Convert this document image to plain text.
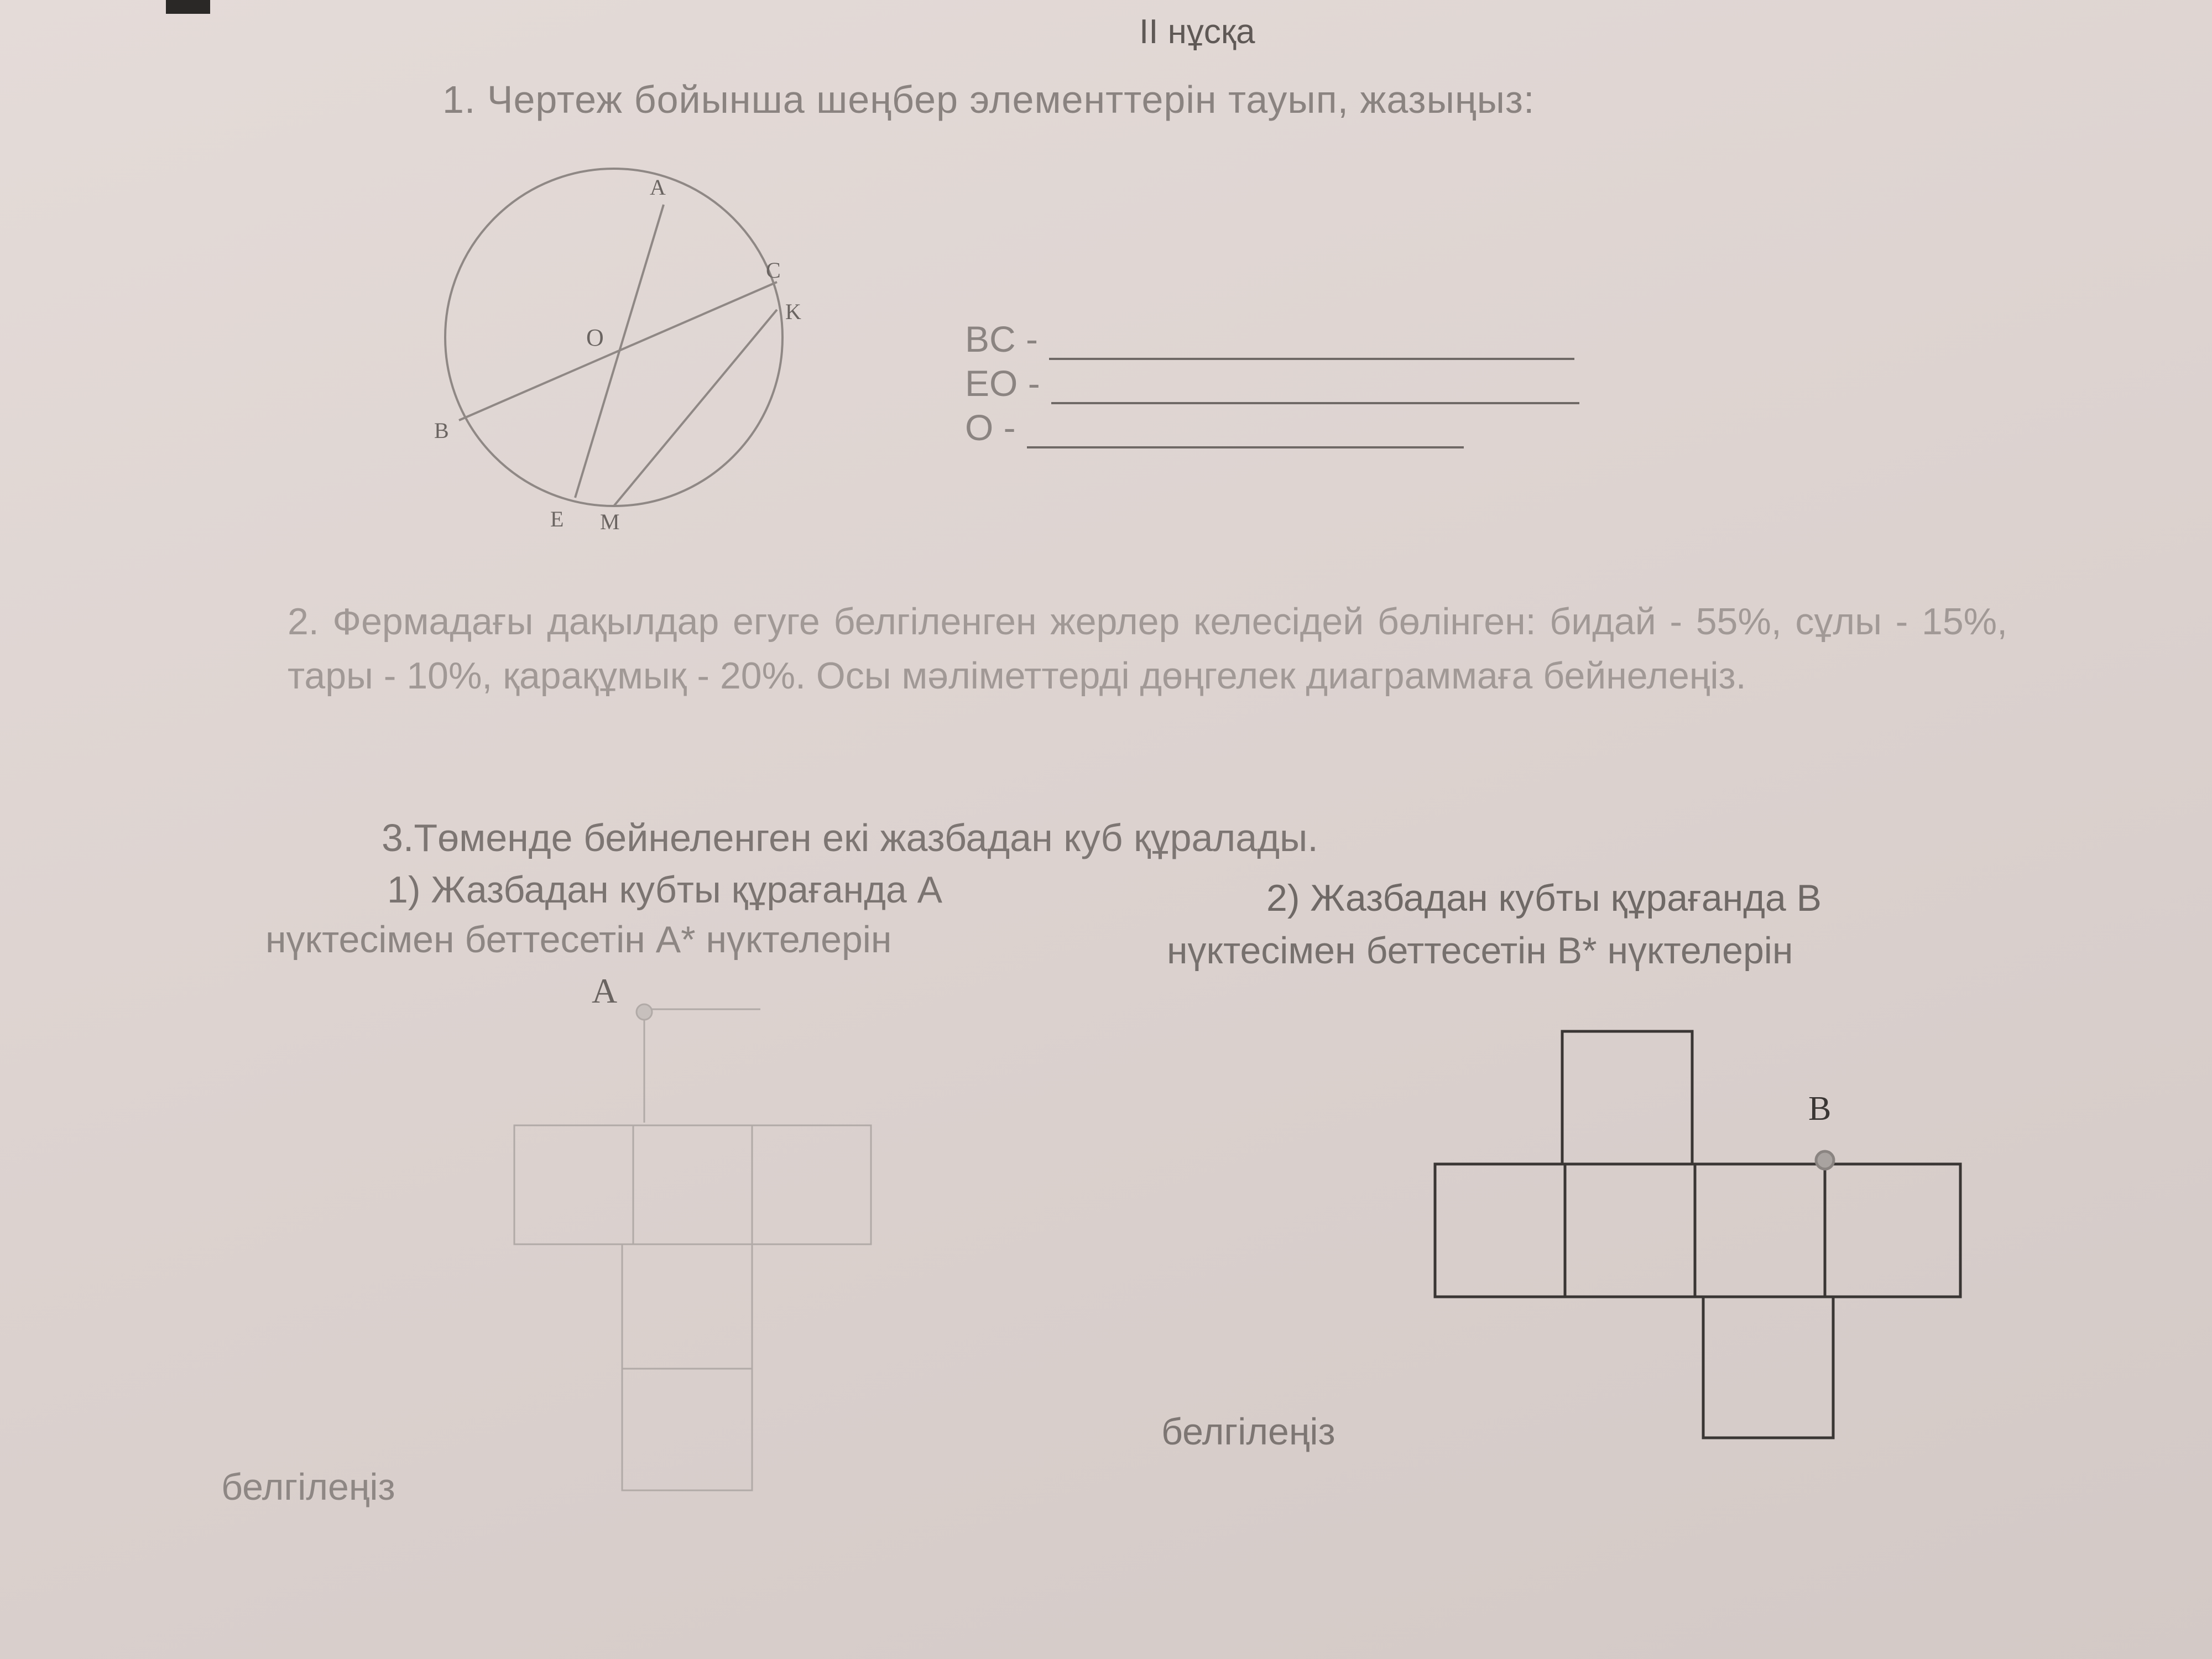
II нұсқа
1. Чертеж бойынша шеңбер элементтерін тауып, жазыңыз:
A
C
K
O
B
E M
BC -
EO -
O -
2. Фермадағы дақылдар егуге белгіленген жерлер келесідей бөлінген: бидай - 55%, сұлы - 15%, тары - 10%, қарақұмық - 20%. Осы мәліметтерді дөңгелек диаграммаға бейнелеңіз.
3.Төменде бейнеленген екі жазбадан куб құралады.
1) Жазбадан кубты құрағанда А
нүктесімен беттесетін А* нүктелерін
2) Жазбадан кубты құрағанда В
нүктесімен беттесетін В* нүктелерін
A
B
белгілеңіз
белгілеңіз
